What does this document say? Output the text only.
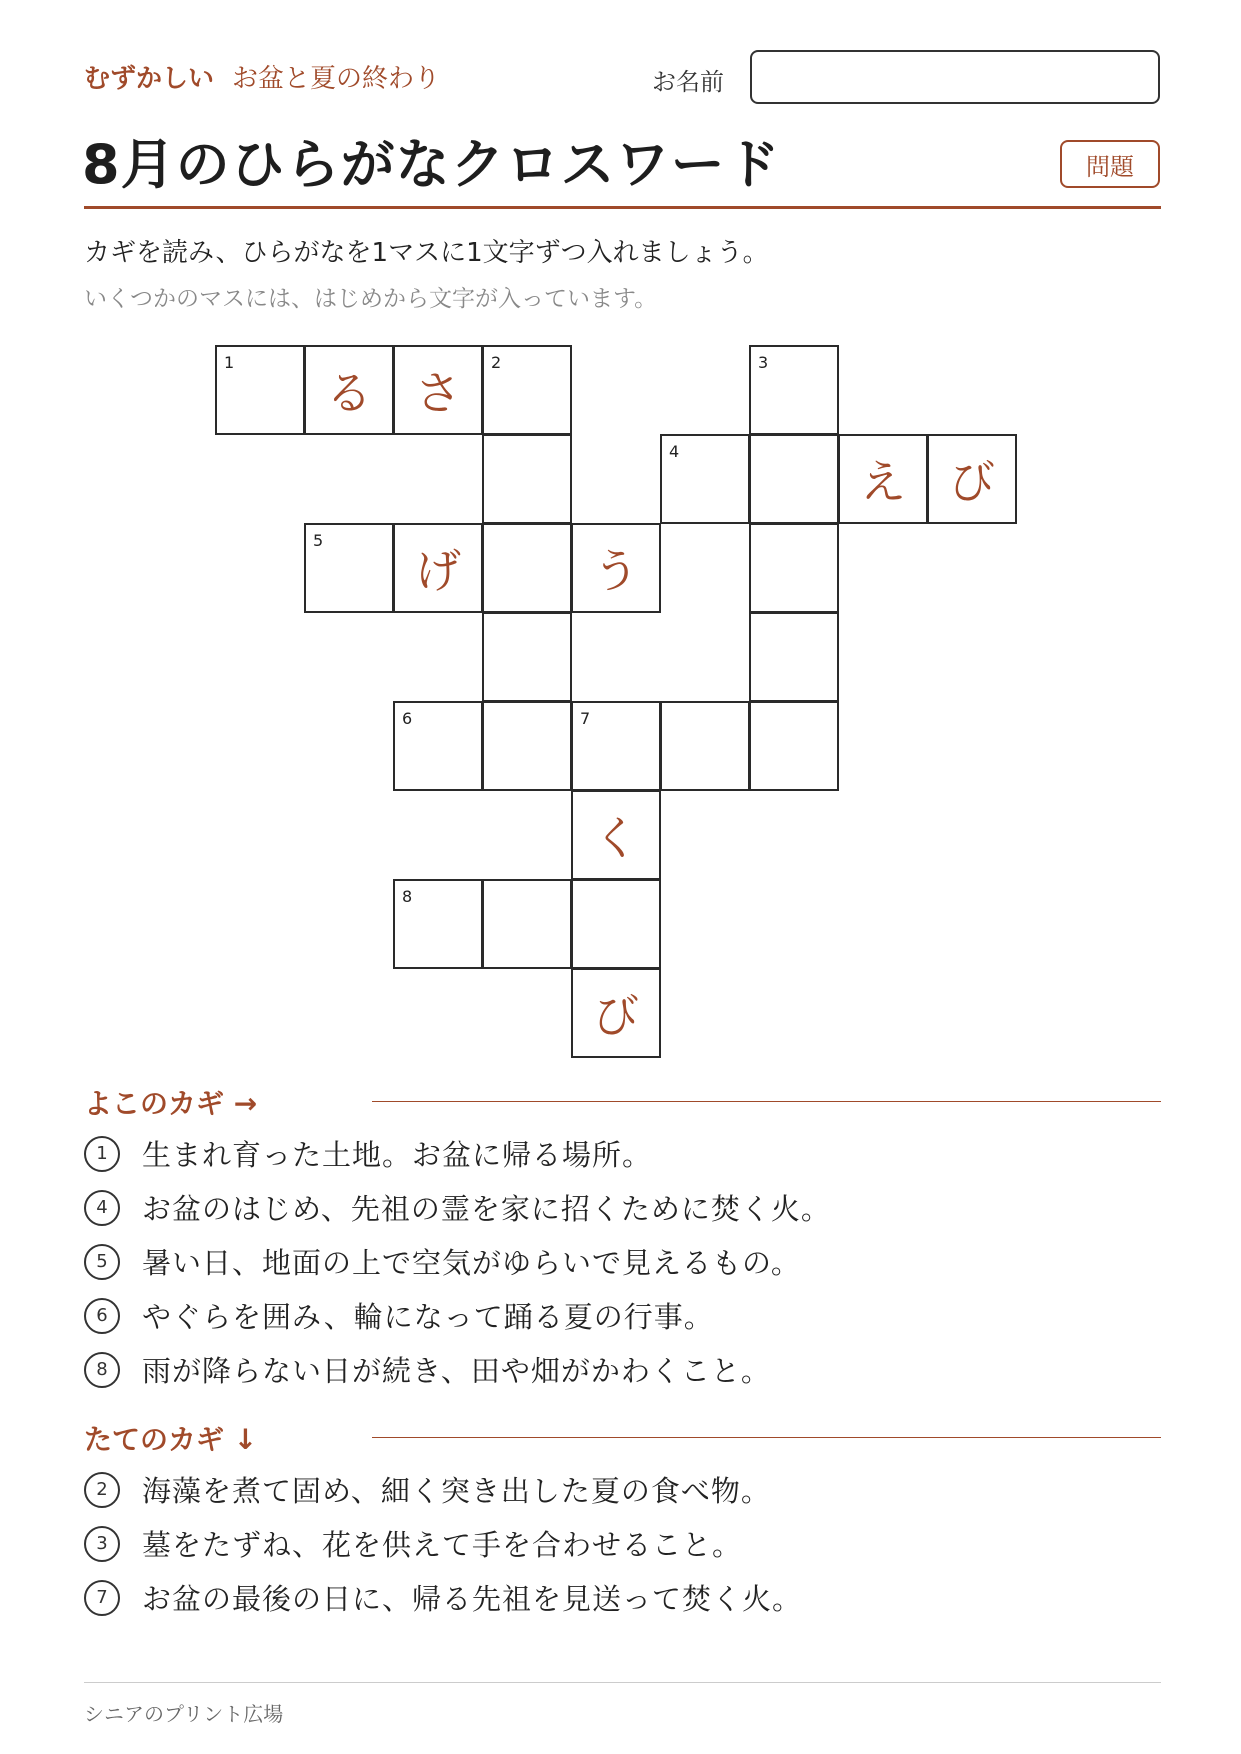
むずかしい お盆と夏の終わり	お名前
8月のひらがなクロスワード	問題
カギを読み、ひらがなを1マスに1文字ずつ入れましょう。
いくつかのマスには、はじめから文字が入っています。
1
る さ
2	3
4
え び
5
げ	う
6	7
く
8
び
よこのカギ →
1	生まれ育った土地。お盆に帰る場所。
4	お盆のはじめ、先祖の霊を家に招くために焚く火。
5	暑い日、地面の上で空気がゆらいで見えるもの。
6	やぐらを囲み、輪になって踊る夏の行事。
8	雨が降らない日が続き、田や畑がかわくこと。
たてのカギ ↓
2	海藻を煮て固め、細く突き出した夏の食べ物。
3	墓をたずね、花を供えて手を合わせること。
7	お盆の最後の日に、帰る先祖を見送って焚く火。
シニアのプリント広場
